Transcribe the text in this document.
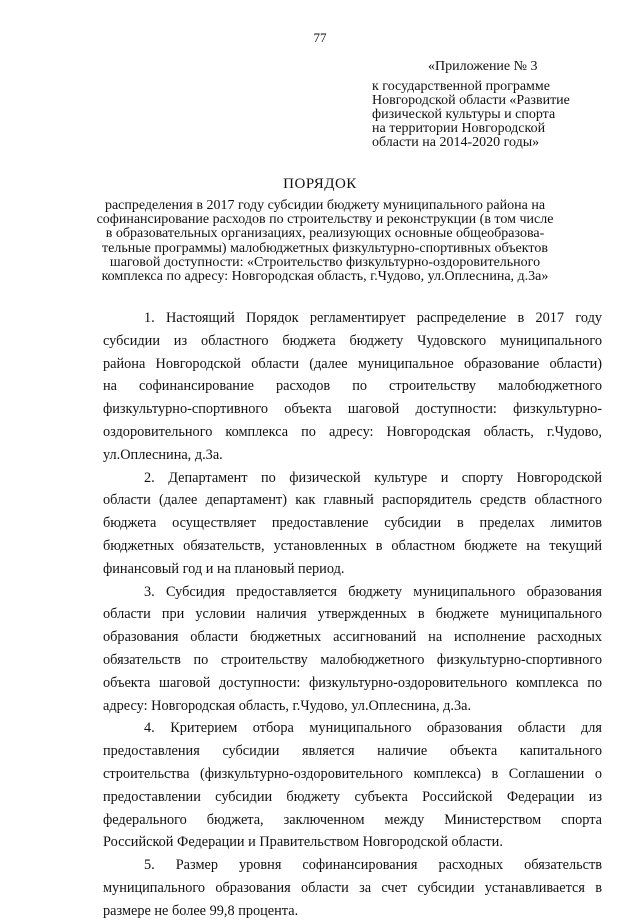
77
«Приложение № 3
к государственной программе
Новгородской области «Развитие
физической культуры и спорта
на территории Новгородской
области на 2014-2020 годы»
ПОРЯДОК
распределения в 2017 году субсидии бюджету муниципального района на
софинансирование расходов по строительству и реконструкции (в том числе
в образовательных организациях, реализующих основные общеобразова-
тельные программы) малобюджетных физкультурно-спортивных объектов
шаговой доступности: «Строительство физкультурно-оздоровительного
комплекса по адресу: Новгородская область, г.Чудово, ул.Оплеснина, д.3а»
1. Настоящий Порядок регламентирует распределение в 2017 году
субсидии из областного бюджета бюджету Чудовского муниципального
района Новгородской области (далее муниципальное образование области)
на софинансирование расходов по строительству малобюджетного
физкультурно-спортивного объекта шаговой доступности: физкультурно-
оздоровительного комплекса по адресу: Новгородская область, г.Чудово,
ул.Оплеснина, д.3а.
2. Департамент по физической культуре и спорту Новгородской
области (далее департамент) как главный распорядитель средств областного
бюджета осуществляет предоставление субсидии в пределах лимитов
бюджетных обязательств, установленных в областном бюджете на текущий
финансовый год и на плановый период.
3. Субсидия предоставляется бюджету муниципального образования
области при условии наличия утвержденных в бюджете муниципального
образования области бюджетных ассигнований на исполнение расходных
обязательств по строительству малобюджетного физкультурно-спортивного
объекта шаговой доступности: физкультурно-оздоровительного комплекса по
адресу: Новгородская область, г.Чудово, ул.Оплеснина, д.3а.
4. Критерием отбора муниципального образования области для
предоставления субсидии является наличие объекта капитального
строительства (физкультурно-оздоровительного комплекса) в Соглашении о
предоставлении субсидии бюджету субъекта Российской Федерации из
федерального бюджета, заключенном между Министерством спорта
Российской Федерации и Правительством Новгородской области.
5. Размер уровня софинансирования расходных обязательств
муниципального образования области за счет субсидии устанавливается в
размере не более 99,8 процента.
